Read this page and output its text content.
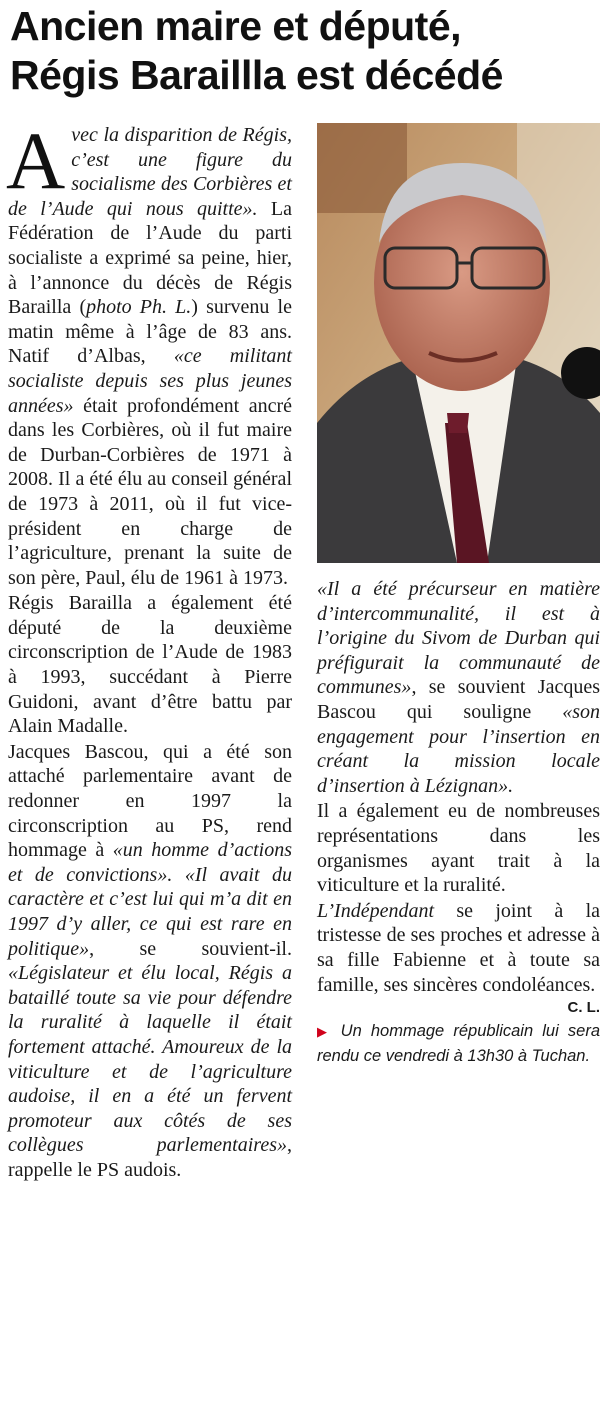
Ancien maire et député,
Régis Baraillla est décédé

Avec la disparition de Régis, c’est une figure du socialisme des Corbières et de l’Aude qui nous quitte». La Fédération de l’Aude du parti socialiste a exprimé sa peine, hier, à l’annonce du décès de Régis Barailla (photo Ph. L.) survenu le matin même à l’âge de 83 ans. Natif d’Albas, «ce militant socialiste depuis ses plus jeunes années» était profondément ancré dans les Corbières, où il fut maire de Durban-Corbières de 1971 à 2008. Il a été élu au conseil général de 1973 à 2011, où il fut vice-président en charge de l’agriculture, prenant la suite de son père, Paul, élu de 1961 à 1973.

Régis Barailla a également été député de la deuxième circonscription de l’Aude de 1983 à 1993, succédant à Pierre Guidoni, avant d’être battu par Alain Madalle.

Jacques Bascou, qui a été son attaché parlementaire avant de redonner en 1997 la circonscription au PS, rend hommage à «un homme d’actions et de convictions». «Il avait du caractère et c’est lui qui m’a dit en 1997 d’y aller, ce qui est rare en politique», se souvient-il. «Législateur et élu local, Régis a bataillé toute sa vie pour défendre la ruralité à laquelle il était fortement attaché. Amoureux de la viticulture et de l’agriculture audoise, il en a été un fervent promoteur aux côtés de ses collègues parlementaires», rappelle le PS audois.

«Il a été précurseur en matière d’intercommunalité, il est à l’origine du Sivom de Durban qui préfigurait la communauté de communes», se souvient Jacques Bascou qui souligne «son engagement pour l’insertion en créant la mission locale d’insertion à Lézignan».

Il a également eu de nombreuses représentations dans les organismes ayant trait à la viticulture et la ruralité.

L’Indépendant se joint à la tristesse de ses proches et adresse à sa fille Fabienne et à toute sa famille, ses sincères condoléances.

C. L.

▶ Un hommage républicain lui sera rendu ce vendredi à 13h30 à Tuchan.
